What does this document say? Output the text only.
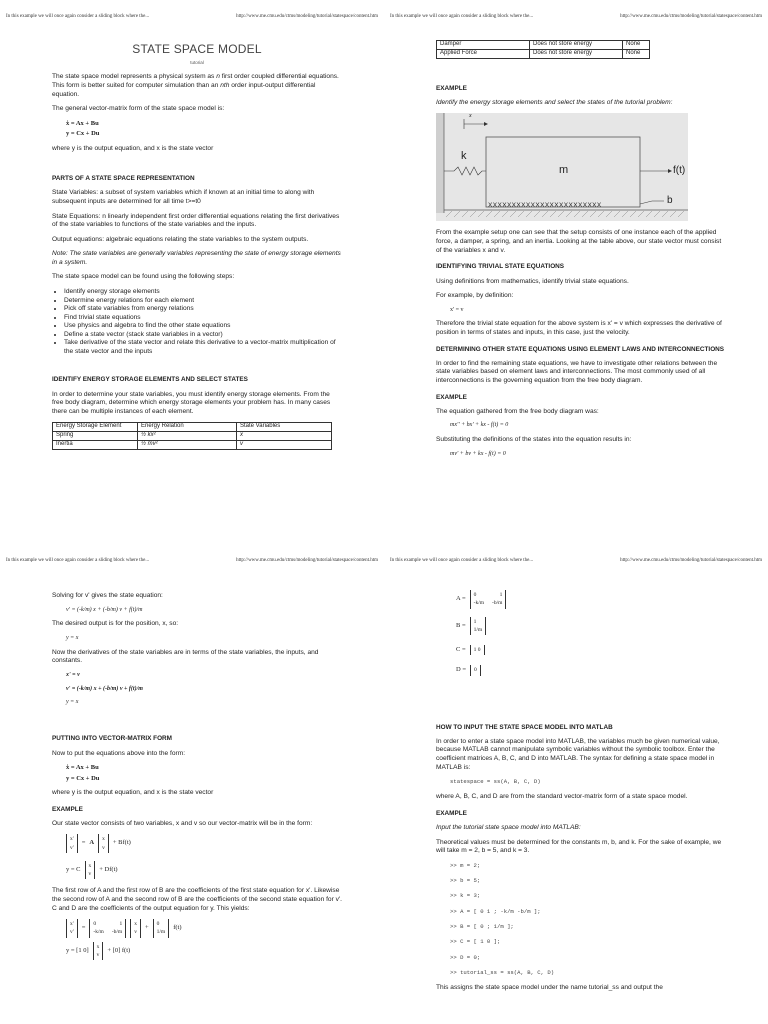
In this example we will once again consider a sliding block where the...	http://www.me.cmu.edu/ctms/modeling/tutorial/statespace/content.htm
STATE SPACE MODEL
tutorial

The state space model represents a physical system as n first order coupled differential equations. This form is better suited for computer simulation than an nth order input-output differential equation.

The general vector-matrix form of the state space model is:

ẋ = Ax + Bu
y = Cx + Du

where y is the output equation, and x is the state vector

PARTS OF A STATE SPACE REPRESENTATION

State Variables: a subset of system variables which if known at an initial time to along with subsequent inputs are determined for all time t>=t0

State Equations: n linearly independent first order differential equations relating the first derivatives of the state variables to functions of the state variables and the inputs.

Output equations: algebraic equations relating the state variables to the system outputs.

Note: The state variables are generally variables representing the state of energy storage elements in a system.

The state space model can be found using the following steps:

• Identify energy storage elements
• Determine energy relations for each element
• Pick off state variables from energy relations
• Find trivial state equations
• Use physics and algebra to find the other state equations
• Define a state vector (stack state variables in a vector)
• Take derivative of the state vector and relate this derivative to a vector-matrix multiplication of the state vector and the inputs
IDENTIFY ENERGY STORAGE ELEMENTS AND SELECT STATES

In order to determine your state variables, you must identify energy storage elements. From the free body diagram, determine which energy storage elements your problem has. In many cases there can be multiple instances of each element.

Energy Storage Element	Energy Relation	State Variables
Spring	½ kx²	x
Inertia	½ mv²	v
In this example we will once again consider a sliding block where the...	http://www.me.cmu.edu/ctms/modeling/tutorial/statespace/content.htm
Damper	Does not store energy	None
Applied Force	Does not store energy	None
EXAMPLE

Identify the energy storage elements and select the states of the tutorial problem:

x
k
m	f(t)
b
XXXXXXXXXXXXXXXXXXXXXXXX

From the example setup one can see that the setup consists of one instance each of the applied force, a damper, a spring, and an inertia. Looking at the table above, our state vector must consist of the variables x and v.

IDENTIFYING TRIVIAL STATE EQUATIONS

Using definitions from mathematics, identify trivial state equations.

For example, by definition:

x' = v

Therefore the trivial state equation for the above system is x' = v which expresses the derivative of position in terms of states and inputs, in this case, just the velocity.

DETERMINING OTHER STATE EQUATIONS USING ELEMENT LAWS AND INTERCONNECTIONS

In order to find the remaining state equations, we have to investigate other relations between the state variables based on element laws and interconnections. The most commonly used of all interconnections is the governing equation from the free body diagram.

EXAMPLE

The equation gathered from the free body diagram was:

mx'' + bx' + kx - f(t) = 0

Substituting the definitions of the states into the equation results in:

mv' + bv + kx - f(t) = 0
In this example we will once again consider a sliding block where the...	http://www.me.cmu.edu/ctms/modeling/tutorial/statespace/content.htm

Solving for v' gives the state equation:

v' = (-k/m) x + (-b/m) v + f(t)/m

The desired output is for the position, x, so:

y = x

Now the derivatives of the state variables are in terms of the state variables, the inputs, and constants.

x' = v
v' = (-k/m) x + (-b/m) v + f(t)/m
y = x
PUTTING INTO VECTOR-MATRIX FORM

Now to put the equations above into the form:

ẋ = Ax + Bu
y = Cx + Du

where y is the output equation, and x is the state vector

EXAMPLE

Our state vector consists of two variables, x and v so our vector-matrix will be in the form:

x'
v'
= A
x
v
+ Bf(t)
y = C
x
v
+ Df(t)

The first row of A and the first row of B are the coefficients of the first state equation for x'. Likewise the second row of A and the second row of B are the coefficients of the second state equation for v'. C and D are the coefficients of the output equation for y. This yields:

x'
v'
=
0	1
-k/m -b/m
x
v
+
0
1/m
f(t)
y = [1 0]
x
v
+ [0] f(t)
In this example we will once again consider a sliding block where the...	http://www.me.cmu.edu/ctms/modeling/tutorial/statespace/content.htm
A =
0	1
-k/m -b/m
B =
1
1/m
C =	1 0
D =	0
HOW TO INPUT THE STATE SPACE MODEL INTO MATLAB

In order to enter a state space model into MATLAB, the variables much be given numerical value, because MATLAB cannot manipulate symbolic variables without the symbolic toolbox. Enter the coefficient matrices A, B, C, and D into MATLAB. The syntax for defining a state space model in MATLAB is:

statespace = ss(A, B, C, D)

where A, B, C, and D are from the standard vector-matrix form of a state space model.

EXAMPLE

Input the tutorial state space model into MATLAB:

Theoretical values must be determined for the constants m, b, and k. For the sake of example, we will take m = 2, b = 5, and k = 3.

>> m = 2;
>> b = 5;
>> k = 3;
>> A = [ 0 1 ; -k/m -b/m ];
>> B = [ 0 ; 1/m ];
>> C = [ 1 0 ];
>> D = 0;
>> tutorial_ss = ss(A, B, C, D)

This assigns the state space model under the name tutorial_ss and output the
